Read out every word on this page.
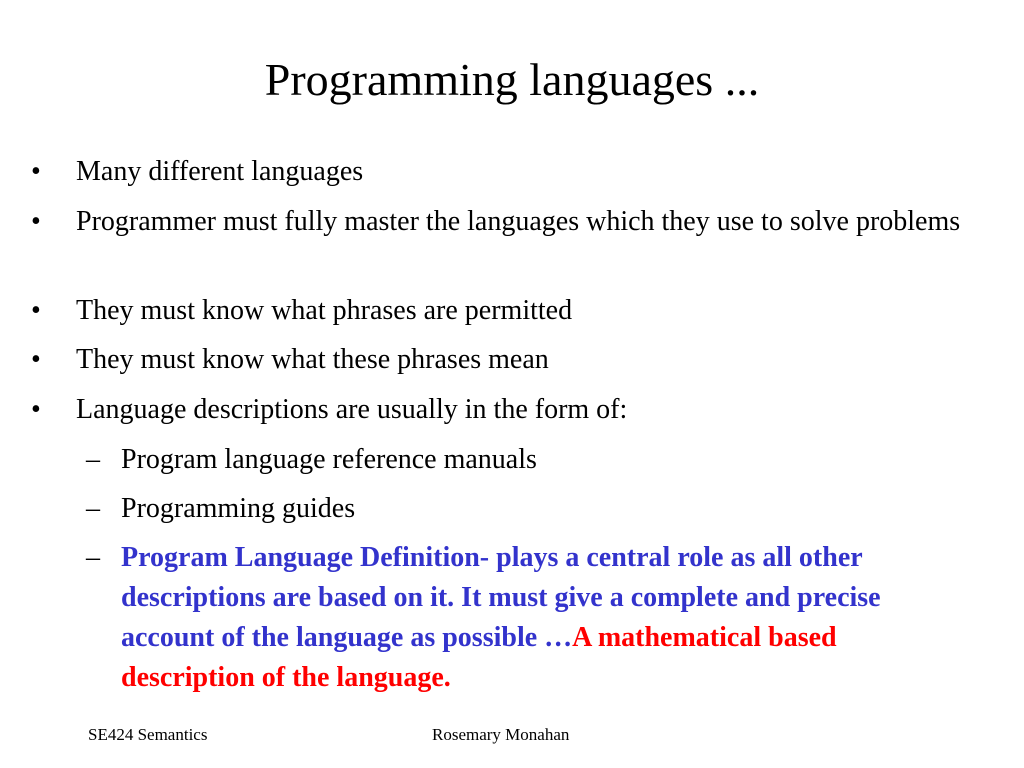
Programming languages ...
• Many different languages
• Programmer must fully master the languages which they use to solve problems
• They must know what phrases are permitted
• They must know what these phrases mean
• Language descriptions are usually in the form of:
– Program language reference manuals
– Programming guides
– Program Language Definition- plays a central role as all other descriptions are based on it. It must give a complete and precise account of the language as possible …A mathematical based description of the language.
SE424 Semantics	Rosemary Monahan
